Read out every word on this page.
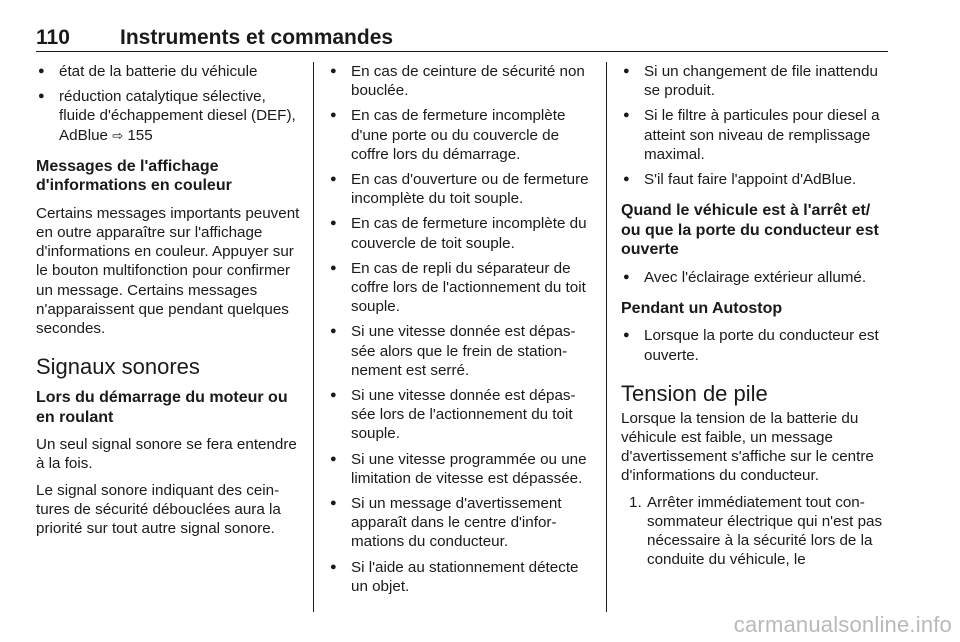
110 Instruments et commandes
● état de la batterie du véhicule
● réduction catalytique sélective, fluide d'échappement diesel (DEF), AdBlue ⇨ 155
Messages de l'affichage d'informations en couleur

Certains messages importants peuvent en outre apparaître sur l'affichage d'informations en couleur. Appuyer sur le bouton multifonction pour confirmer un message. Certains messages n'apparaissent que pendant quelques secondes.

Signaux sonores
Lors du démarrage du moteur ou en roulant

Un seul signal sonore se fera entendre à la fois.

Le signal sonore indiquant des ceintures de sécurité débouclées aura la priorité sur tout autre signal sonore.

● En cas de ceinture de sécurité non bouclée.
● En cas de fermeture incomplète d'une porte ou du couvercle de coffre lors du démarrage.
● En cas d'ouverture ou de fermeture incomplète du toit souple.
● En cas de fermeture incomplète du couvercle de toit souple.
● En cas de repli du séparateur de coffre lors de l'actionnement du toit souple.
● Si une vitesse donnée est dépassée alors que le frein de stationnement est serré.
● Si une vitesse donnée est dépassée lors de l'actionnement du toit souple.
● Si une vitesse programmée ou une limitation de vitesse est dépassée.
● Si un message d'avertissement apparaît dans le centre d'informations du conducteur.
● Si l'aide au stationnement détecte un objet.
● Si un changement de file inattendu se produit.
● Si le filtre à particules pour diesel a atteint son niveau de remplissage maximal.
● S'il faut faire l'appoint d'AdBlue.
Quand le véhicule est à l'arrêt et/ ou que la porte du conducteur est ouverte
● Avec l'éclairage extérieur allumé.
Pendant un Autostop
● Lorsque la porte du conducteur est ouverte.
Tension de pile

Lorsque la tension de la batterie du véhicule est faible, un message d'avertissement s'affiche sur le centre d'informations du conducteur.

1. Arrêter immédiatement tout consommateur électrique qui n'est pas nécessaire à la sécurité lors de la conduite du véhicule, le
carmanualsonline.info
